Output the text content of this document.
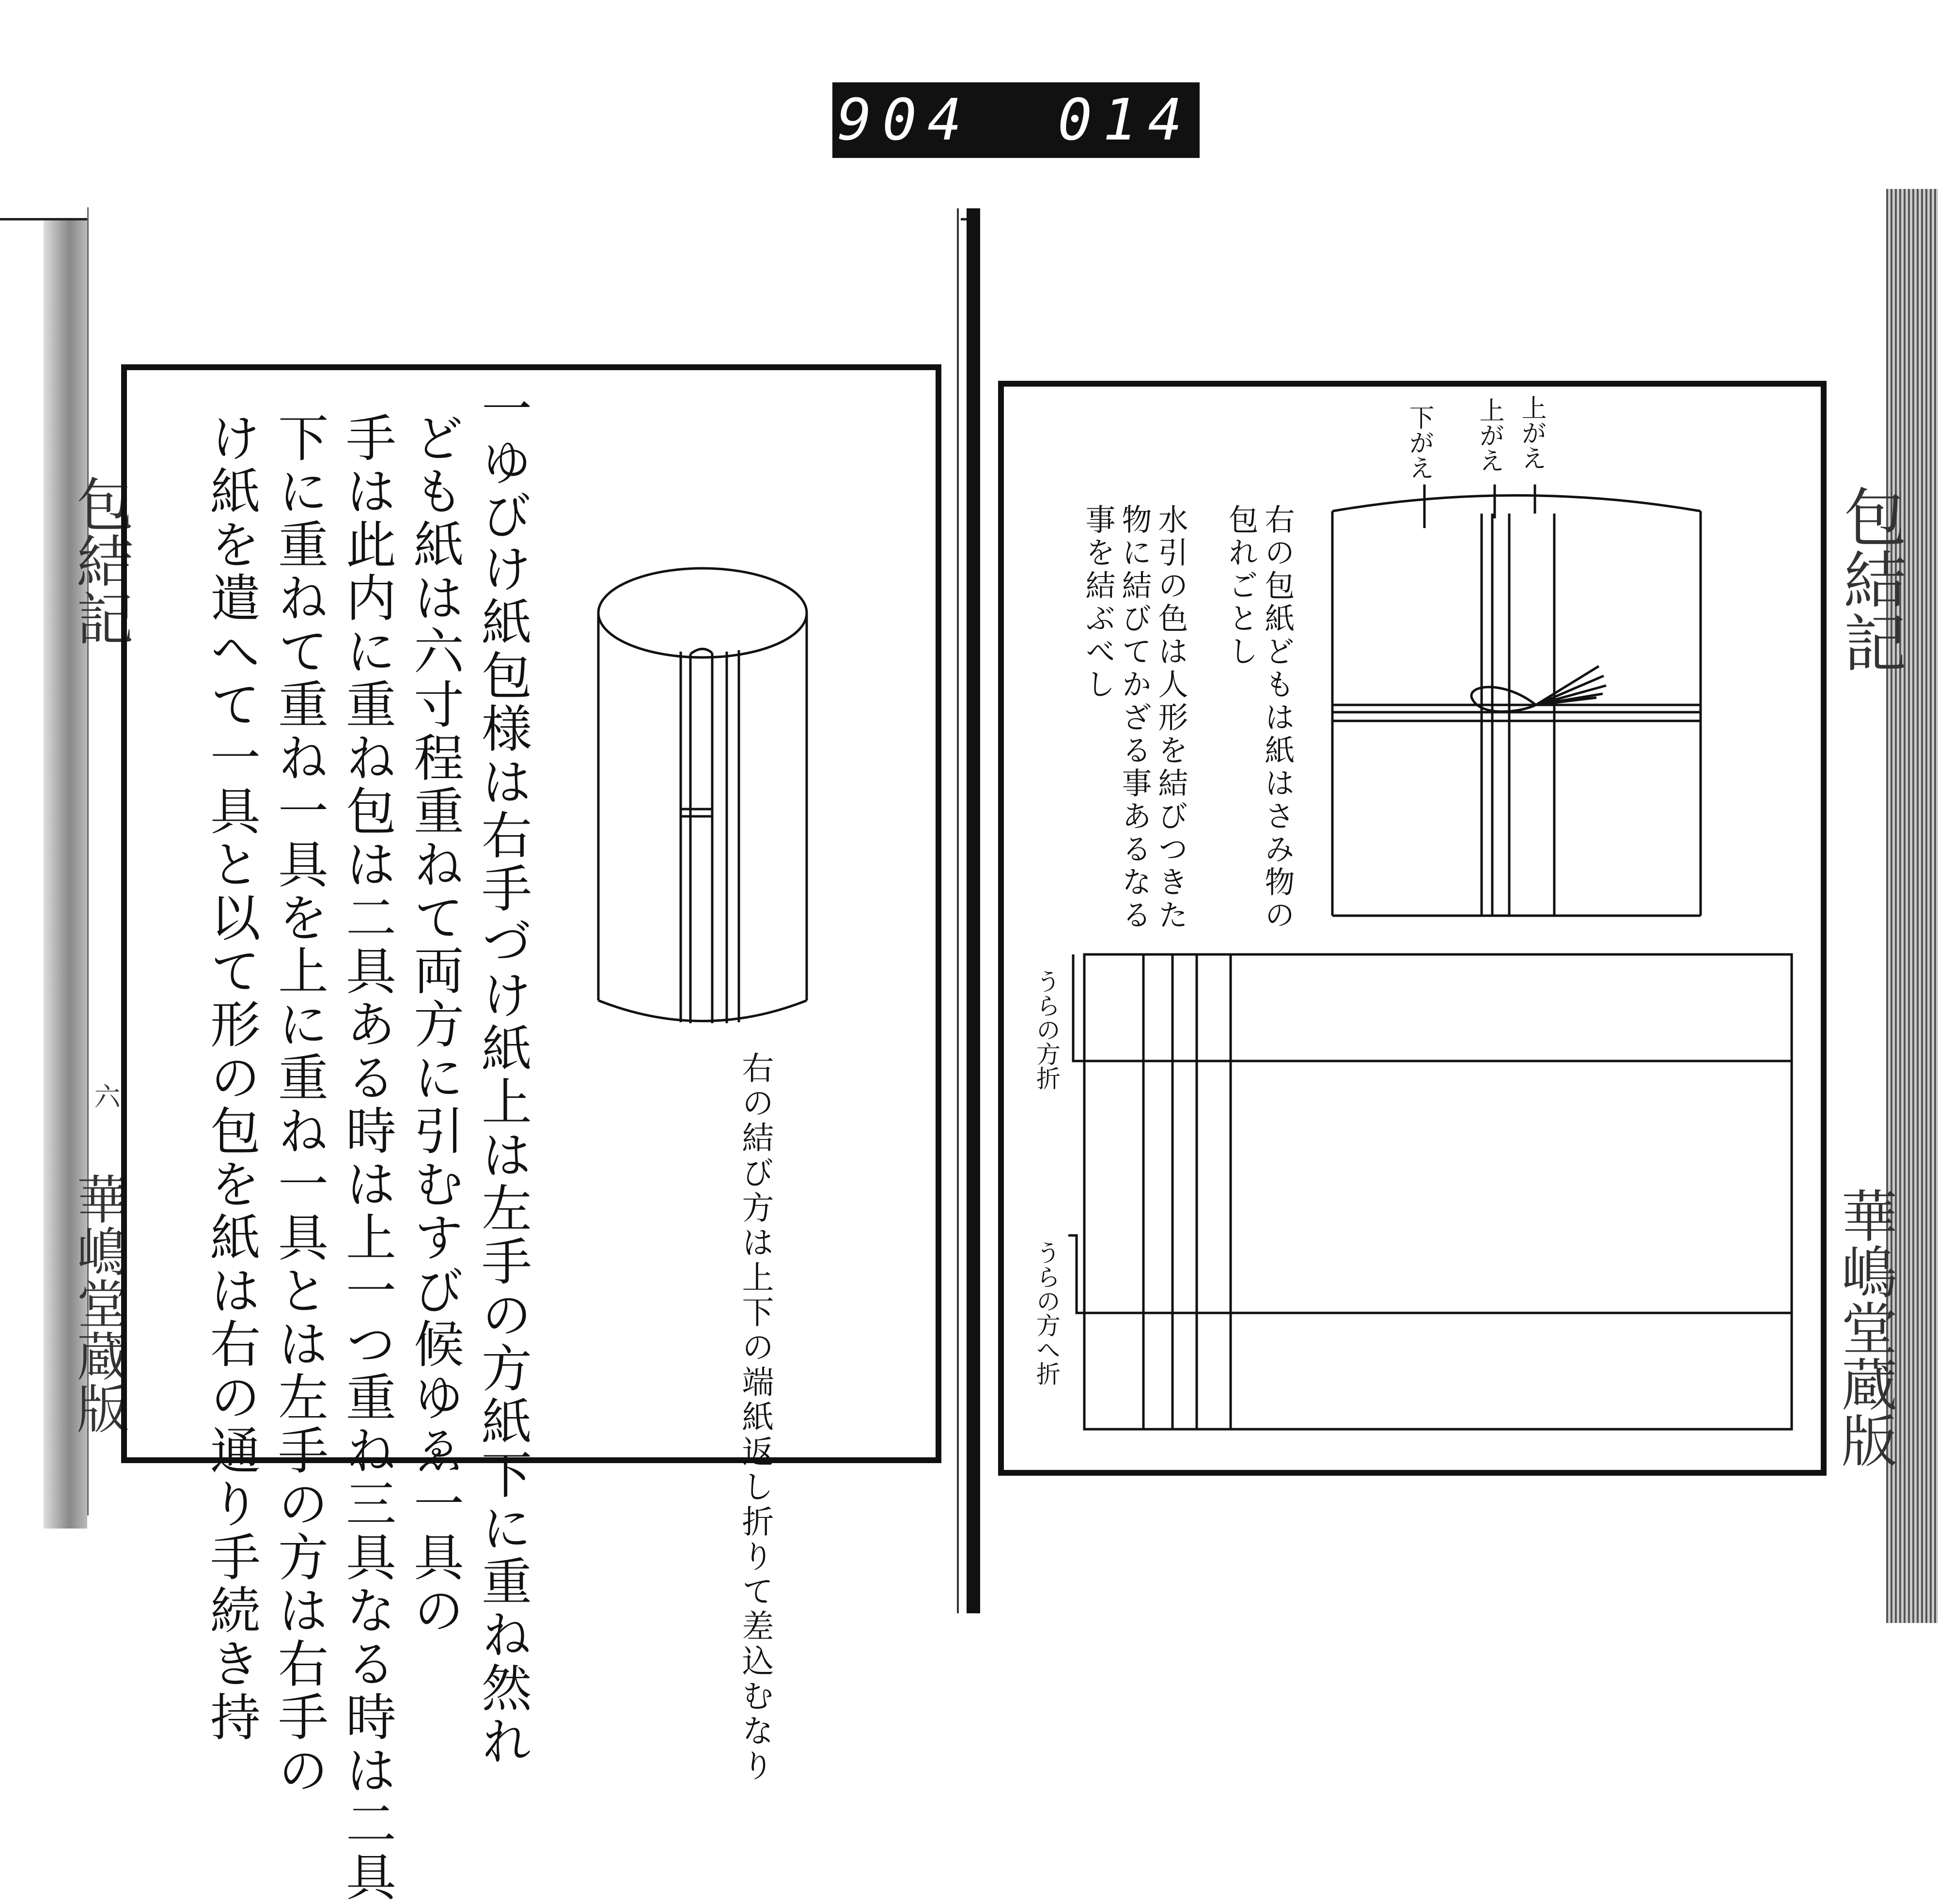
904 014
包結記
六
華嶋堂蔵版	一ゆびけ紙包様は右手づけ紙上は左手の方紙下に重ね然れ
ども紙は六寸程重ねて両方に引むすび候ゆゑ一具の
手は此内に重ね包は二具ある時は上一つ重ね三具なる時は二具
下に重ねて重ね一具を上に重ね一具とは左手の方は右手の
け紙を遣へて一具と以て形の包を紙は右の通り手続き持	右の結び方は上下の端紙返し折りて差込むなり
包結記
華嶋堂蔵版
下がえ 上がえ 上がえ
右の包紙どもは紙はさみ物の
包れごとし
水引の色は人形を結びつきた
物に結びてかざる事あるなる
事を結ぶべし
うらの方折
うらの方へ折
